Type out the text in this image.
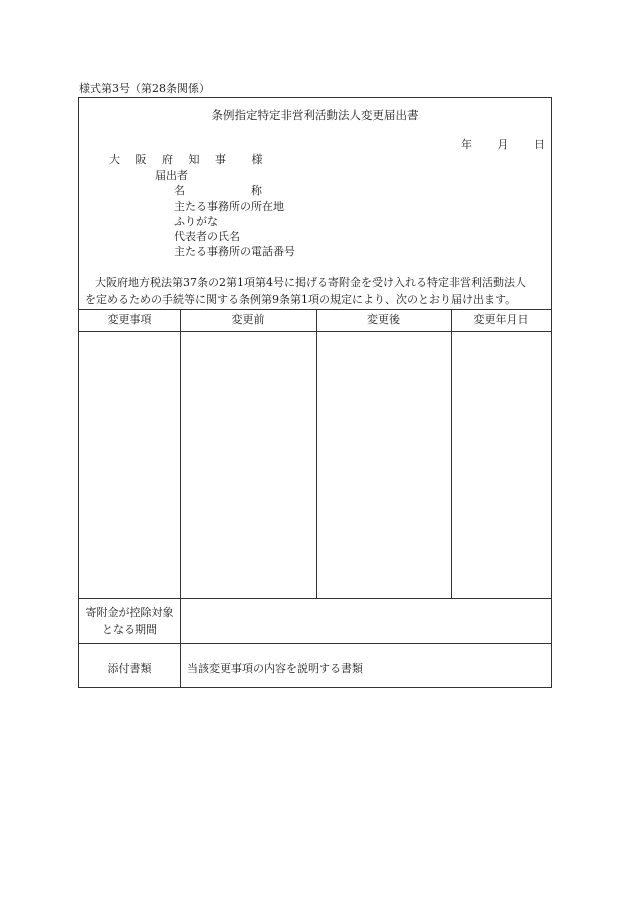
様式第3号（第28条関係）
条例指定特定非営利活動法人変更届出書
年 月 日
大 阪 府 知 事 様
届出者
名　　　　　　称
主たる事務所の所在地
ふりがな
代表者の氏名
主たる事務所の電話番号

大阪府地方税法第37条の2第1項第4号に掲げる寄附金を受け入れる特定非営利活動法人

を定めるための手続等に関する条例第9条第1項の規定により、次のとおり届け出ます。

変更事項	変更前	変更後	変更年月日
寄附金が控除対象
となる期間
添付書類	当該変更事項の内容を説明する書類
